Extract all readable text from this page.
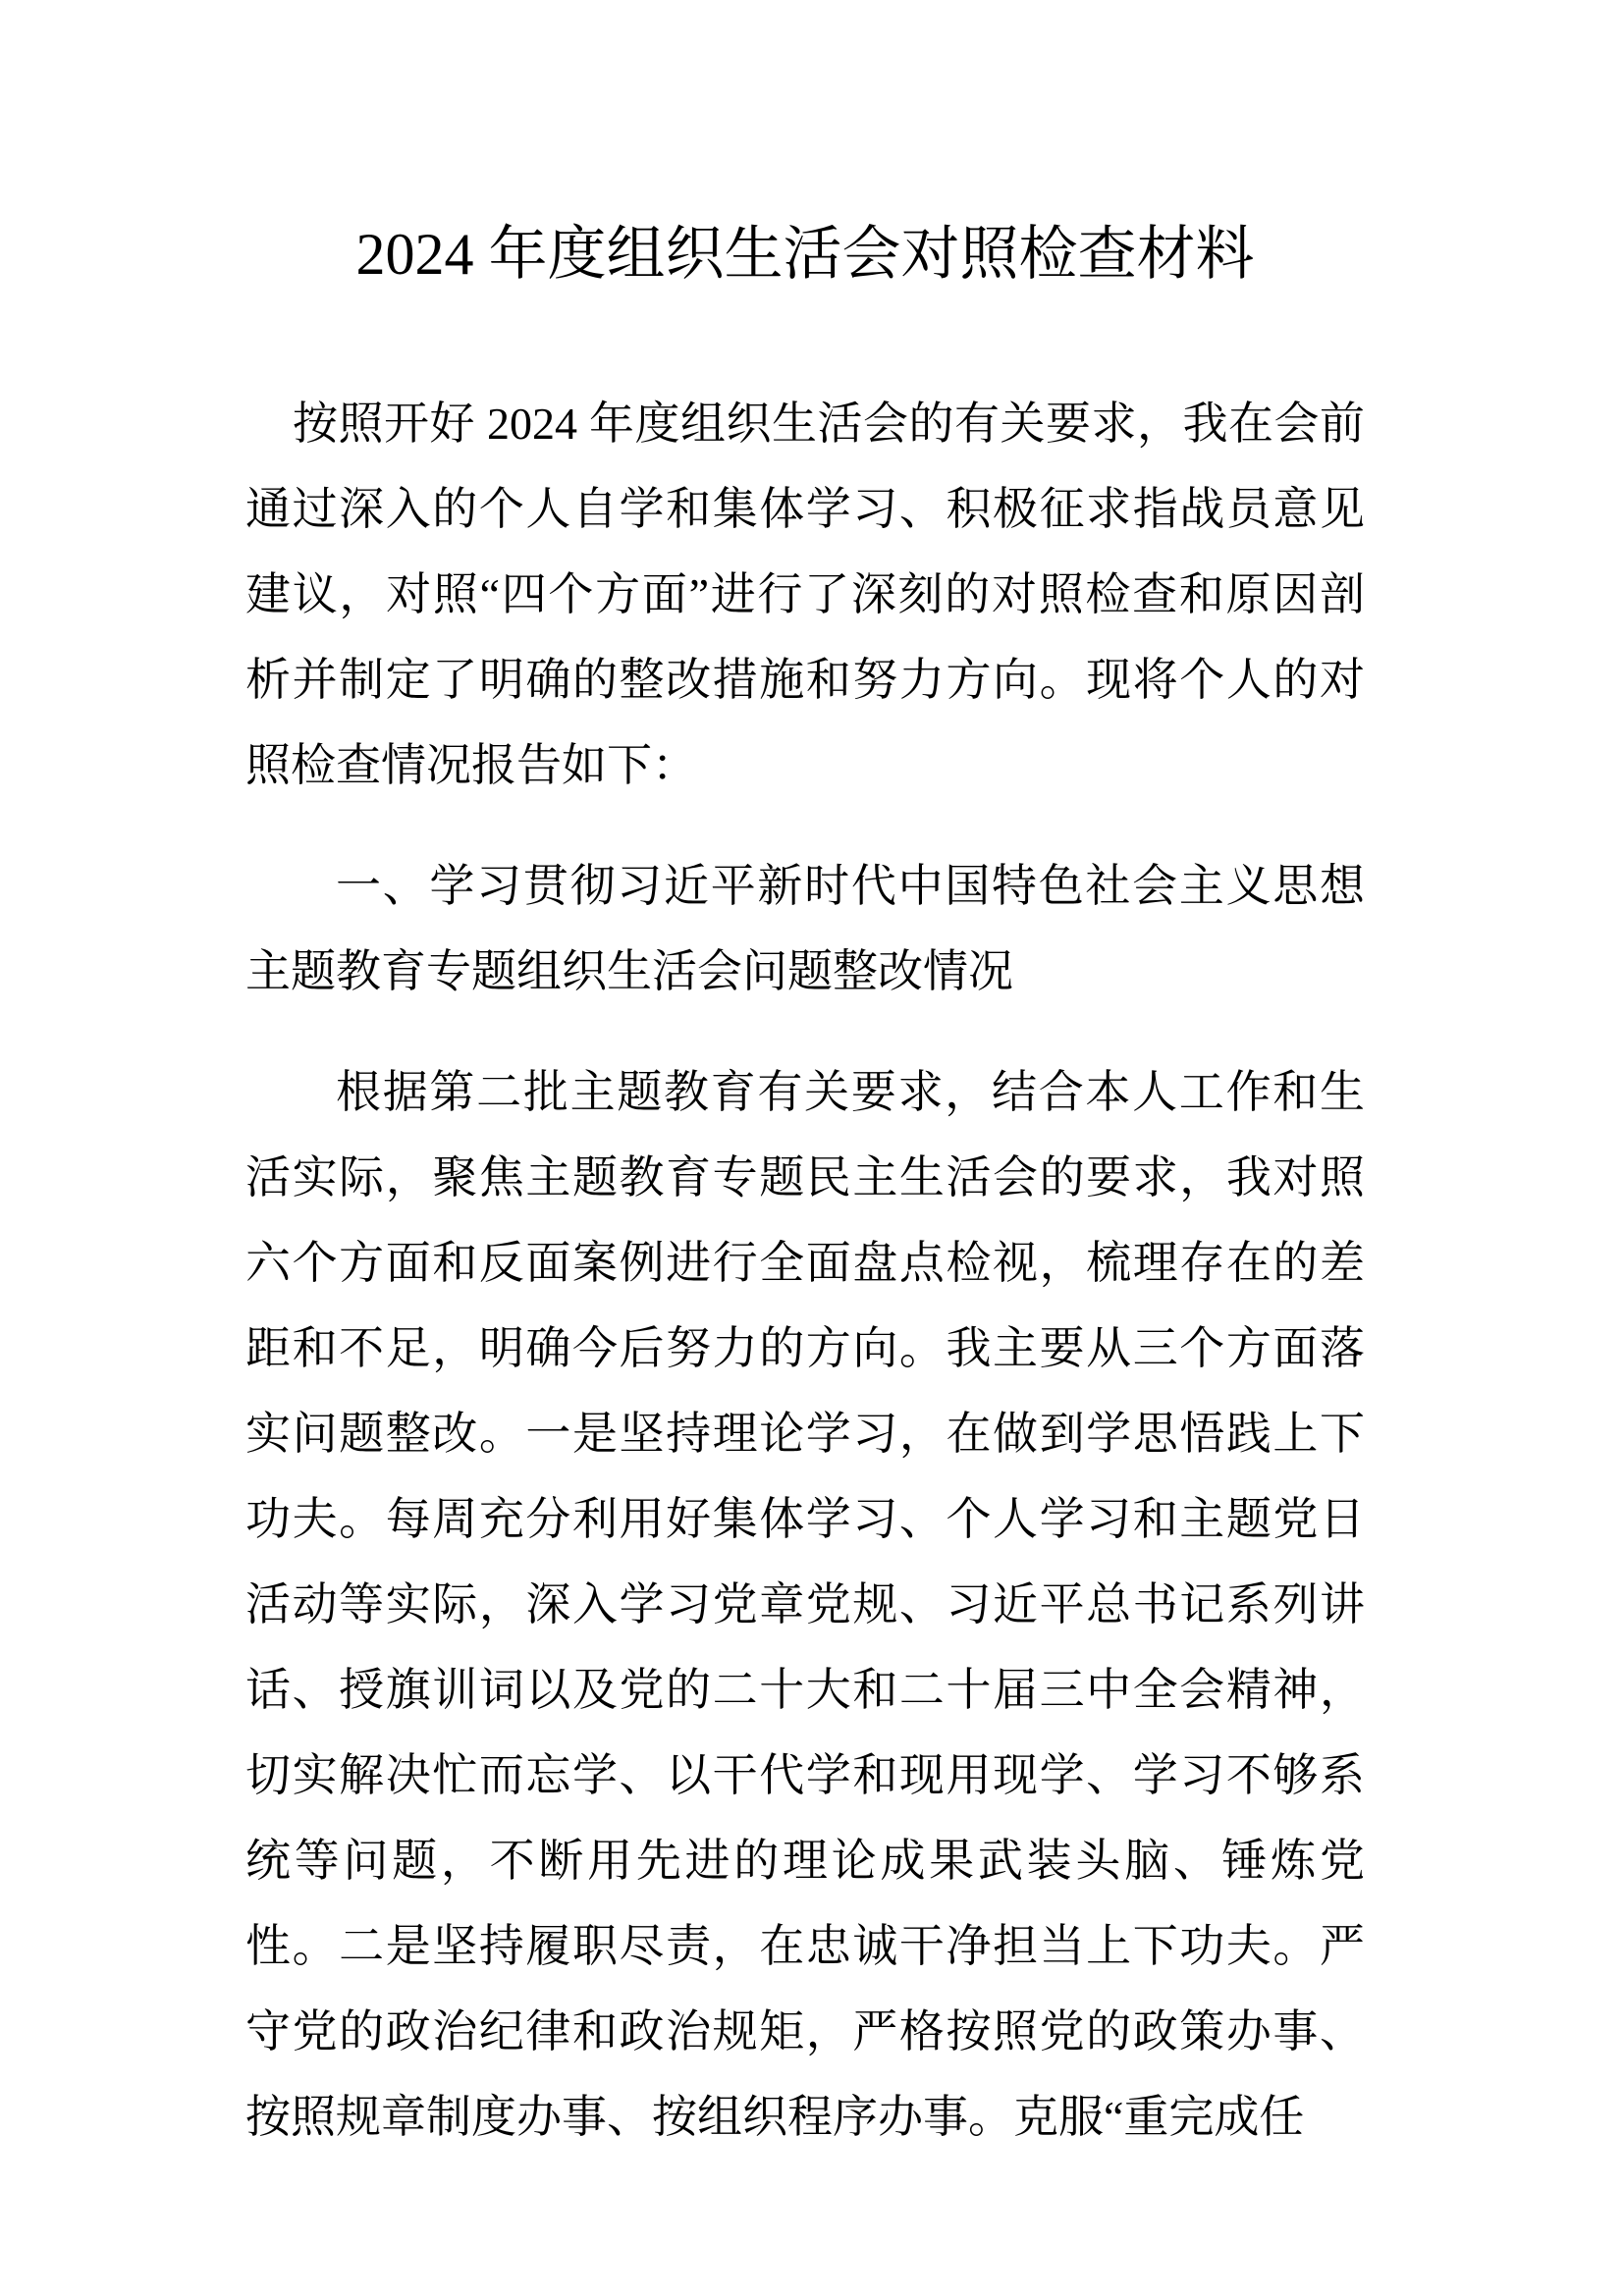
2024 年度组织生活会对照检查材料

按照开好 2024 年度组织生活会的有关要求，我在会前通过深入的个人自学和集体学习、积极征求指战员意见建议，对照“四个方面”进行了深刻的对照检查和原因剖析并制定了明确的整改措施和努力方向。现将个人的对照检查情况报告如下：

一、学习贯彻习近平新时代中国特色社会主义思想主题教育专题组织生活会问题整改情况

根据第二批主题教育有关要求，结合本人工作和生活实际，聚焦主题教育专题民主生活会的要求，我对照六个方面和反面案例进行全面盘点检视，梳理存在的差距和不足，明确今后努力的方向。我主要从三个方面落实问题整改。一是坚持理论学习，在做到学思悟践上下功夫。每周充分利用好集体学习、个人学习和主题党日活动等实际，深入学习党章党规、习近平总书记系列讲话、授旗训词以及党的二十大和二十届三中全会精神，切实解决忙而忘学、以干代学和现用现学、学习不够系统等问题，不断用先进的理论成果武装头脑、锤炼党性。二是坚持履职尽责，在忠诚干净担当上下功夫。严守党的政治纪律和政治规矩，严格按照党的政策办事、按照规章制度办事、按组织程序办事。克服“重完成任
